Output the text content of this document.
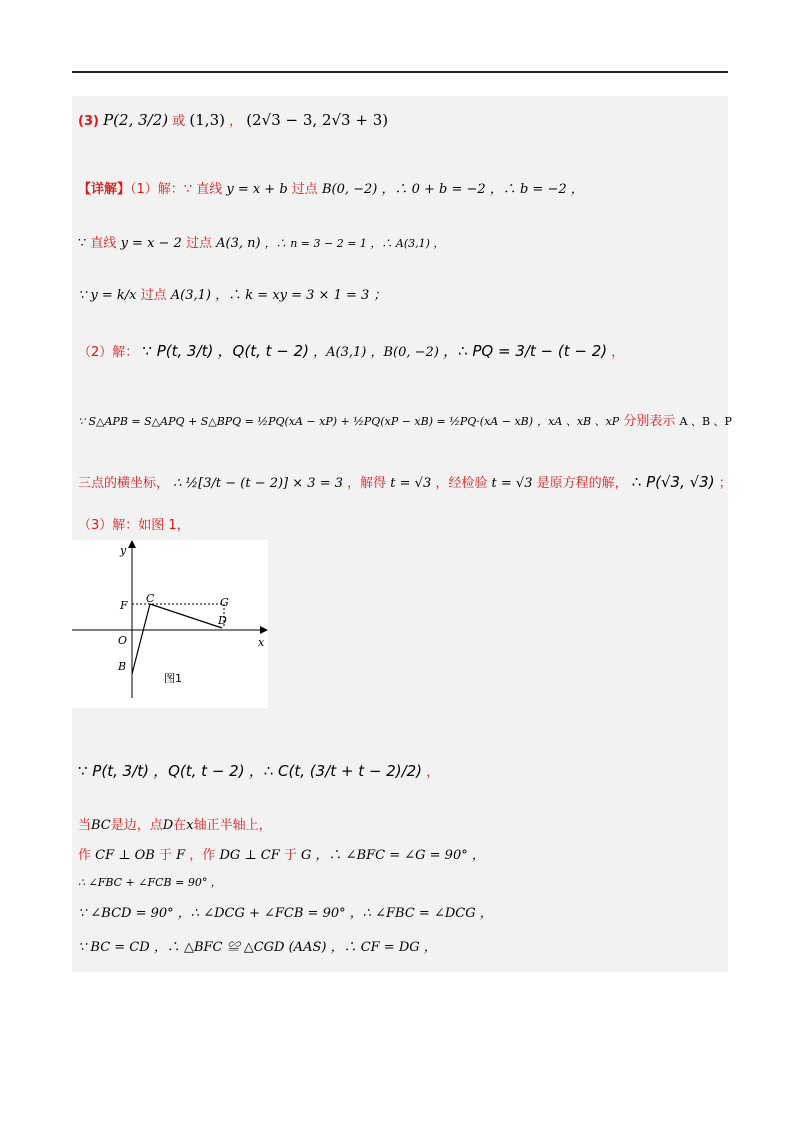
(3) P(2, 3/2) 或 (1,3) ， (2√3 − 3, 2√3 + 3)
【详解】（1）解：∵ 直线 y = x + b 过点 B(0, −2) ，∴ 0 + b = −2 ，∴ b = −2 ，
∵ 直线 y = x − 2 过点 A(3, n) ，∴ n = 3 − 2 = 1 ，∴ A(3,1) ，
∵ y = k/x 过点 A(3,1) ，∴ k = xy = 3 × 1 = 3 ；
（2）解： ∵ P(t, 3/t) ，Q(t, t − 2) ，A(3,1) ，B(0, −2) ，∴ PQ = 3/t − (t − 2) ，
∵ S△APB = S△APQ + S△BPQ = ½PQ(xA − xP) + ½PQ(xP − xB) = ½PQ·(xA − xB) ，xA 、xB 、xP 分别表示 A 、B 、P
三点的横坐标， ∴ ½[3/t − (t − 2)] × 3 = 3 ，解得 t = √3 ，经检验 t = √3 是原方程的解， ∴ P(√3, √3) ；
（3）解：如图 1，
y
x
O
F
C	G
D
B
图1
∵ P(t, 3/t) ，Q(t, t − 2) ，∴ C(t, (3/t + t − 2)/2) ，
当BC是边，点D在x轴正半轴上，
作 CF ⊥ OB 于 F ，作 DG ⊥ CF 于 G ，∴ ∠BFC = ∠G = 90° ，
∴ ∠FBC + ∠FCB = 90° ，
∵ ∠BCD = 90° ，∴ ∠DCG + ∠FCB = 90° ，∴ ∠FBC = ∠DCG ，
∵ BC = CD ，∴ △BFC ≌ △CGD (AAS) ，∴ CF = DG ，
